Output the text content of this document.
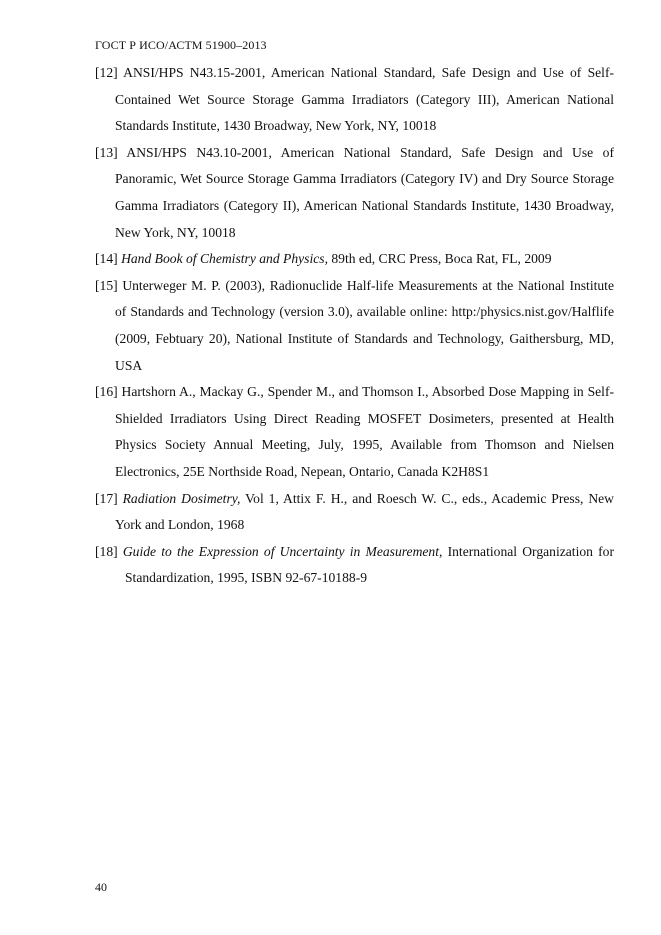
ГОСТ Р ИСО/АСТМ 51900–2013

[12] ANSI/HPS N43.15-2001, American National Standard, Safe Design and Use of Self-Contained Wet Source Storage Gamma Irradiators (Category III), American National Standards Institute, 1430 Broadway, New York, NY, 10018

[13] ANSI/HPS N43.10-2001, American National Standard, Safe Design and Use of Panoramic, Wet Source Storage Gamma Irradiators (Category IV) and Dry Source Storage Gamma Irradiators (Category II), American National Standards Institute, 1430 Broadway, New York, NY, 10018

[14] Hand Book of Chemistry and Physics, 89th ed, CRC Press, Boca Rat, FL, 2009

[15] Unterweger M. P. (2003), Radionuclide Half-life Measurements at the National Institute of Standards and Technology (version 3.0), available online: http:/physics.nist.gov/Halflife (2009, Febtuary 20), National Institute of Standards and Technology, Gaithersburg, MD, USA

[16] Hartshorn A., Mackay G., Spender M., and Thomson I., Absorbed Dose Mapping in Self-Shielded Irradiators Using Direct Reading MOSFET Dosimeters, presented at Health Physics Society Annual Meeting, July, 1995, Available from Thomson and Nielsen Electronics, 25E Northside Road, Nepean, Ontario, Canada K2H8S1

[17] Radiation Dosimetry, Vol 1, Attix F. H., and Roesch W. C., eds., Academic Press, New York and London, 1968

[18] Guide to the Expression of Uncertainty in Measurement, International Organization for Standardization, 1995, ISBN 92-67-10188-9

40
